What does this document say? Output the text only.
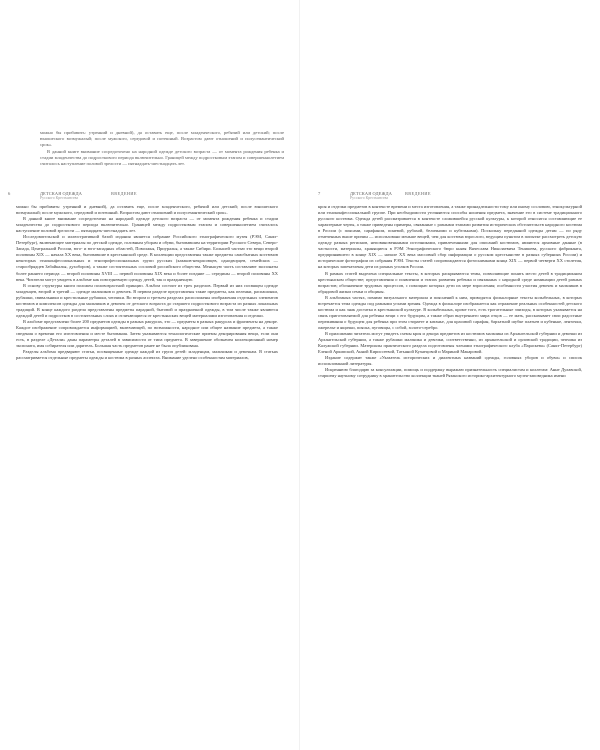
можно бы прибавить: утренний и дневной), да оставить еще, после младенческого, ребячий или детский; после юношеского возмужалый; после мужского, середовой и потешный. Возрастом дают отношений и полусемантический срок».

В данной книге внимание сосредоточено на народной одежде детского возраста — от момента рождения ребенка и стадии младенчества до подросткового периода включительно. Границей между подростковым этапом и совершеннолетием считалось наступление половой зрелости — пятнадцать-шестнадцать лет.

6	ДЕТСКАЯ ОДЕЖДА
Русского Крестьянства
ВВЕДЕНИЕ

можно бы прибавить: утренний и дневной), да оставить еще, после младенческого, ребячий или детский; после юношеского возмужалый; после мужского, середовой и потешный. Возрастом дают отношений и полусемантический срок».

В данной книге внимание сосредоточено на народной одежде детского возраста — от момента рождения ребенка и стадии младенчества до подросткового периода включительно. Границей между подростковым этапом и совершеннолетием считалось наступление половой зрелости — пятнадцать-шестнадцать лет.

Исследовательской и иллюстративной базой издания является собрание Российского этнографического музея (РЭМ, Санкт-Петербург), включающее материалы по детской одежде, головным уборам и обуви, бытовавшим на территории Русского Севера, Северо-Запада, Центральной России, юго- и юго-западных областей, Поволжья, Приуралья, а также Сибири. Большей частью это вещи второй половины XIX — начала XX века, бытовавшие в крестьянской среде. В коллекции представлены также предметы самобытных костюмов некоторых этноконфессиональных и этнопрофессиональных групп русских (казаков-некрасовцев, однодворцев, семейских — старообрядцев Забайкалья, духоборов), а также состоятельных сословий российского общества. Меньшую часть составляют экспонаты более раннего периода — второй половины XVIII — первой половины XIX века и более поздние — середины — второй половины XX века. Читатели могут увидеть в альбоме как повседневную одежду детей, так и праздничную.

В основу структуры книги положен половозрастной принцип. Альбом состоит из трех разделов. Первый из них посвящен одежде младенцев, второй и третий — одежде мальчиков и девочек. В первом разделе представлены такие предметы, как пеленки, распашонки, рубашки, свивальники и крестильные рубашки, чепчики. Во втором и третьем разделах расположены изображения отдельных элементов костюмов и комплексов одежды для мальчиков и девочек от детского возраста до старшего подросткового возраста из разных локальных традиций. В конце каждого раздела представлены предметы парадной, бытовой и праздничной одежды, в том числе также являются одеждой детей и подростков в состоятельных слоях и отличающиеся от крестьянских вещей материалами изготовления и отделки.

В альбоме представлено более 200 предметов одежды в разных ракурсах, это — предметы в разных ракурсах и фрагменты на декоре. Каждое изображение сопровождается информацией, включающей, по возможности, народное или общее название предмета, а также сведения о времени его изготовления и месте бытования. Затем указываются технологические приемы декорирования вещи, если они есть, в разделе «Детали» даны параметры деталей в зависимости от типа предмета. В завершение обозначен коллекционный номер экспоната, имя собирателя или даритель. Большая часть предметов ранее не была опубликована.

Разделы альбома предваряют статьи, посвященные одежде каждой из групп детей: младенцам, мальчикам и девочкам. В статьях рассматривается отдельные предметы одежды и костюма в разных аспектах. Внимание уделено особенностям материалов,

7	ДЕТСКАЯ ОДЕЖДА
Русского Крестьянства
ВВЕДЕНИЕ

кроя и отделки предметов в контексте времени и места изготовления, а также принадлежности тому или иному сословию, этнокультурной или этноконфессиональной группе. При необходимости уточняются способы ношения предмета, значение его в системе традиционного русского костюма. Одежда детей рассматривается в контексте сложившейся русской культуры, к которой относятся составляющие ее характерные черты, а также приведены примеры, связанные с разными этапами развития исторических обстоятельств народного костюма в России (с поясами, сарафаном, поневой, рубахой, беличьими и кубельками). Поскольку переданной одежды детям — по ряду отмеченных выше причин — использовано меньше вещей, чем для костюма взрослого, ведущим пунктом в попытке рассмотреть детскую одежду разных регионов, неповиновеннными источниками, привлеченными для описаний костюмов, являются архивные данные (в частности, материалы, хранящиеся в РЭМ Этнографического бюро князя Вячеслава Николаевича Тенишева, русского фабриканта, предпринявшего в конце XIX — начале XX века массовый сбор информации о русском крестьянстве в разных губерниях России) и исторические фотографии из собрания РЭМ. Тексты статей сопровождаются фотоснимками конца XIX — первой четверти XX столетия, на которых запечатлены дети из разных уголков России.

В рамках статей выделена специальные тексты, в которых раскрываются темы, позволяющие понять место детей в традиционном крестьянском обществе; представления о появлении и этапах развития ребенка и связанных с народной среде номинации детей разных возрастов; обозначение трудовых процессов, с помощью которых дети их мере взросления; особенности участия девочек и мальчиков в обрядовой жизни семьи и общины.

В альбомных частях, помимо визуального материала и пояснений к ним, приводятся фольклорные тексты колыбельных, в которых встречается тема одежды под разными углами зрения. Одежда в фольклоре изображается как отражение реальных особенностей детского костюма и как знак достатка в крестьянской культуре. В колыбельных, кроме того, есть трогательные эпизоды, в которых указывается на связь приготовляемой для ребенка вещи с его будущим, а также образ внутреннего мира отцов — ее мать, рассказывает свои радостные переживания о будущем для ребенка при этом стираете и катанье, для красивой сарафан, бархатной шубке платьев и кубеньке, ленточки, ожерелье и ящички, пояска, пуговицы, с собой, золото-серебро.

В приложении читатель могут увидеть схемы кроя и декора предметов из костюмов мальчика из Архангельской губернии и девочки из Архангельской губернии, а также рубашки мальчика и девочки, соответственно, из архангельской и орловской традиции, чепчика из Калужской губернии. Материалы практического раздела подготовлены членами этнографического клуба «Параскева» (Санкт-Петербург) Еленой Аркипской, Анной Кириссеевой, Татьяной Кузнецовой и Мариной Макаровой.

Издание содержит также «Указатель исторических и диалектных названий одежды, головных уборов и обуви» и список использованной литературы.

Искреннюю благодарю за консультации, помощь и поддержку выражаю признательность специалистам и коллегам: Анне Дулавской, старшему научному сотруднику в хранительство коллекции тканей Рязанского историко-архитектурного музея-заповедника имени
